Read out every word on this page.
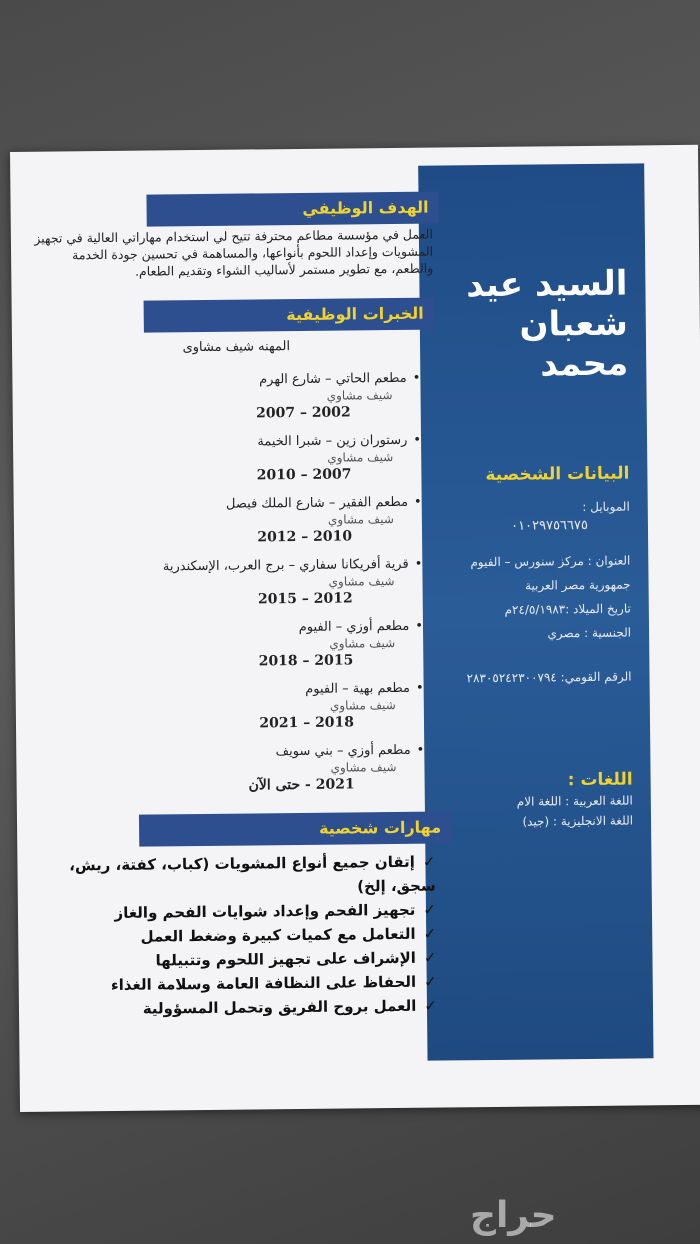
السيد عيد
شعبان محمد
البيانات الشخصية
الموبايل :
٠١٠٢٩٧٥٦٦٧٥
العنوان : مركز سنورس – الفيوم
جمهورية مصر العربية
تاريخ الميلاد :٢٤/٥/١٩٨٣م
الجنسية : مصري
الرقم القومي: ٢٨٣٠٥٢٤٢٣٠٠٧٩٤
اللغات :
اللغة العربية : اللغة الام
اللغة الانجليزية : (جيد)
الهدف الوظيفي
العمل في مؤسسة مطاعم محترفة تتيح لي استخدام مهاراتي العالية في تجهيز المشويات وإعداد اللحوم بأنواعها، والمساهمة في تحسين جودة الخدمة والطعم، مع تطوير مستمر لأساليب الشواء وتقديم الطعام.
الخبرات الوظيفية
المهنه شيف مشاوى
• مطعم الحاتي – شارع الهرم
شيف مشاوي
2002 – 2007
• رستوران زين – شبرا الخيمة
شيف مشاوي
2007 – 2010
• مطعم الفقير – شارع الملك فيصل
شيف مشاوي
2010 – 2012
• قرية أفريكانا سفاري – برج العرب، الإسكندرية
شيف مشاوي
2012 – 2015
• مطعم أوزي – الفيوم
شيف مشاوي
2015 – 2018
• مطعم بهية – الفيوم
شيف مشاوي
2018 – 2021
• مطعم أوزي – بني سويف
شيف مشاوي
2021 - حتى الآن
مهارات شخصية
✓ إتقان جميع أنواع المشويات (كباب، كفتة، ريش، سجق، إلخ)
✓ تجهيز الفحم وإعداد شوايات الفحم والغاز
✓ التعامل مع كميات كبيرة وضغط العمل
✓ الإشراف على تجهيز اللحوم وتتبيلها
✓ الحفاظ على النظافة العامة وسلامة الغذاء
✓ العمل بروح الفريق وتحمل المسؤولية
حراج
